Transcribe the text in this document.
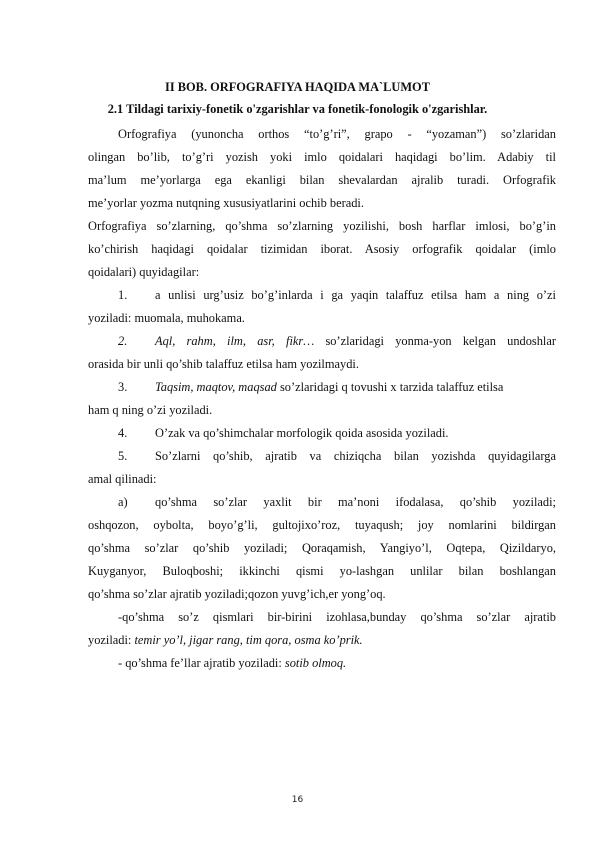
II BOB. ORFOGRAFIYA HAQIDA MA`LUMOT
2.1 Tildagi tarixiy-fonetik o'zgarishlar va fonetik-fonologik o'zgarishlar.
Orfografiya (yunoncha orthos “to’g’ri”, grapo - “yozaman”) so’zlaridan
olingan bo’lib, to’g’ri yozish yoki imlo qoidalari haqidagi bo’lim. Adabiy til
ma’lum me’yorlarga ega ekanligi bilan shevalardan ajralib turadi. Orfografik
me’yorlar yozma nutqning xususiyatlarini ochib beradi.
Orfografiya so’zlarning, qo’shma so’zlarning yozilishi, bosh harflar imlosi, bo’g’in
ko’chirish haqidagi qoidalar tizimidan iborat. Asosiy orfografik qoidalar (imlo
qoidalari) quyidagilar:
1. a unlisi urg’usiz bo’g’inlarda i ga yaqin talaffuz etilsa ham a ning o’zi
yoziladi: muomala, muhokama.
2. Aql, rahm, ilm, asr, fikr… so’zlaridagi yonma-yon kelgan undoshlar
orasida bir unli qo’shib talaffuz etilsa ham yozilmaydi.
3. Taqsim, maqtov, maqsad so’zlaridagi q tovushi x tarzida talaffuz etilsa
ham q ning o’zi yoziladi.
4. O’zak va qo’shimchalar morfologik qoida asosida yoziladi.
5. So’zlarni qo’shib, ajratib va chiziqcha bilan yozishda quyidagilarga
amal qilinadi:
a) qo’shma so’zlar yaxlit bir ma’noni ifodalasa, qo’shib yoziladi;
oshqozon, oybolta, boyo’g’li, gultojixo’roz, tuyaqush; joy nomlarini bildirgan
qo’shma so’zlar qo’shib yoziladi; Qoraqamish, Yangiyo’l, Oqtepa, Qizildaryo,
Kuyganyor, Buloqboshi; ikkinchi qismi yo-lashgan unlilar bilan boshlangan
qo’shma so’zlar ajratib yoziladi;qozon yuvg’ich,er yong’oq.
-qo’shma so’z qismlari bir-birini izohlasa,bunday qo’shma so’zlar ajratib
yoziladi: temir yo’l, jigar rang, tim qora, osma ko’prik.
- qo’shma fe’llar ajratib yoziladi: sotib olmoq.
16
